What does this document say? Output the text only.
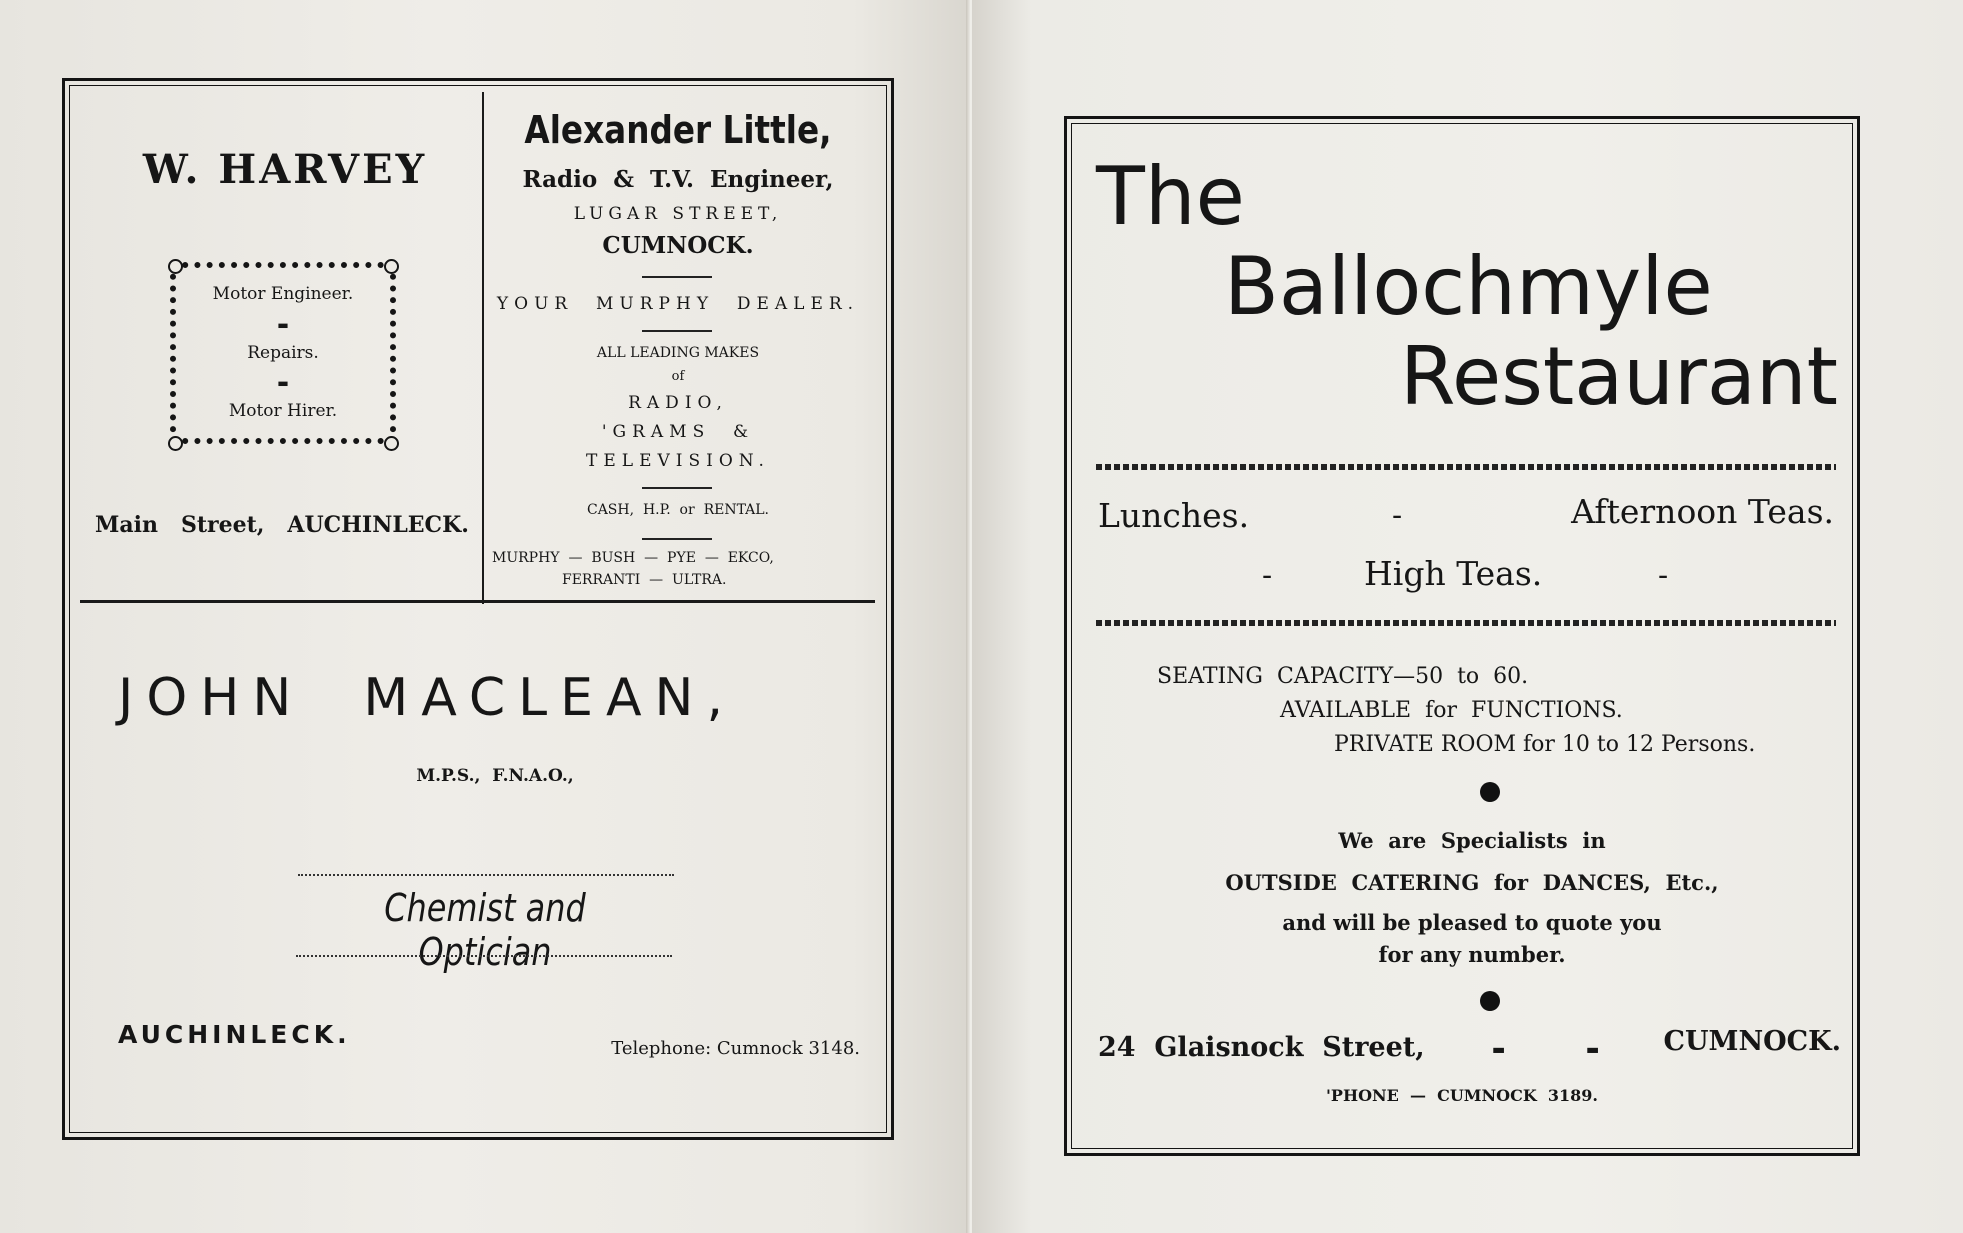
W. HARVEY
Motor Engineer.
▬
Repairs.
▬
Motor Hirer.
Main   Street,   AUCHINLECK.
Alexander Little,
Radio  &  T.V.  Engineer,
LUGAR STREET,
CUMNOCK.
YOUR  MURPHY  DEALER.
ALL LEADING MAKES
of
RADIO,
'GRAMS  &
TELEVISION.
CASH,  H.P.  or  RENTAL.
MURPHY  —  BUSH  —  PYE  —  EKCO,
FERRANTI  —  ULTRA.
JOHN  MACLEAN,
M.P.S.,  F.N.A.O.,
Chemist and Optician
AUCHINLECK.	Telephone: Cumnock 3148.
The
Ballochmyle
Restaurant
Lunches.	-	Afternoon Teas.
-	High Teas.	-
SEATING  CAPACITY—50  to  60.
AVAILABLE  for  FUNCTIONS.
PRIVATE ROOM for 10 to 12 Persons.
We  are  Specialists  in
OUTSIDE  CATERING  for  DANCES,  Etc.,
and will be pleased to quote you
for any number.
24  Glaisnock  Street,	▬	▬	CUMNOCK.
'PHONE  —  CUMNOCK  3189.
